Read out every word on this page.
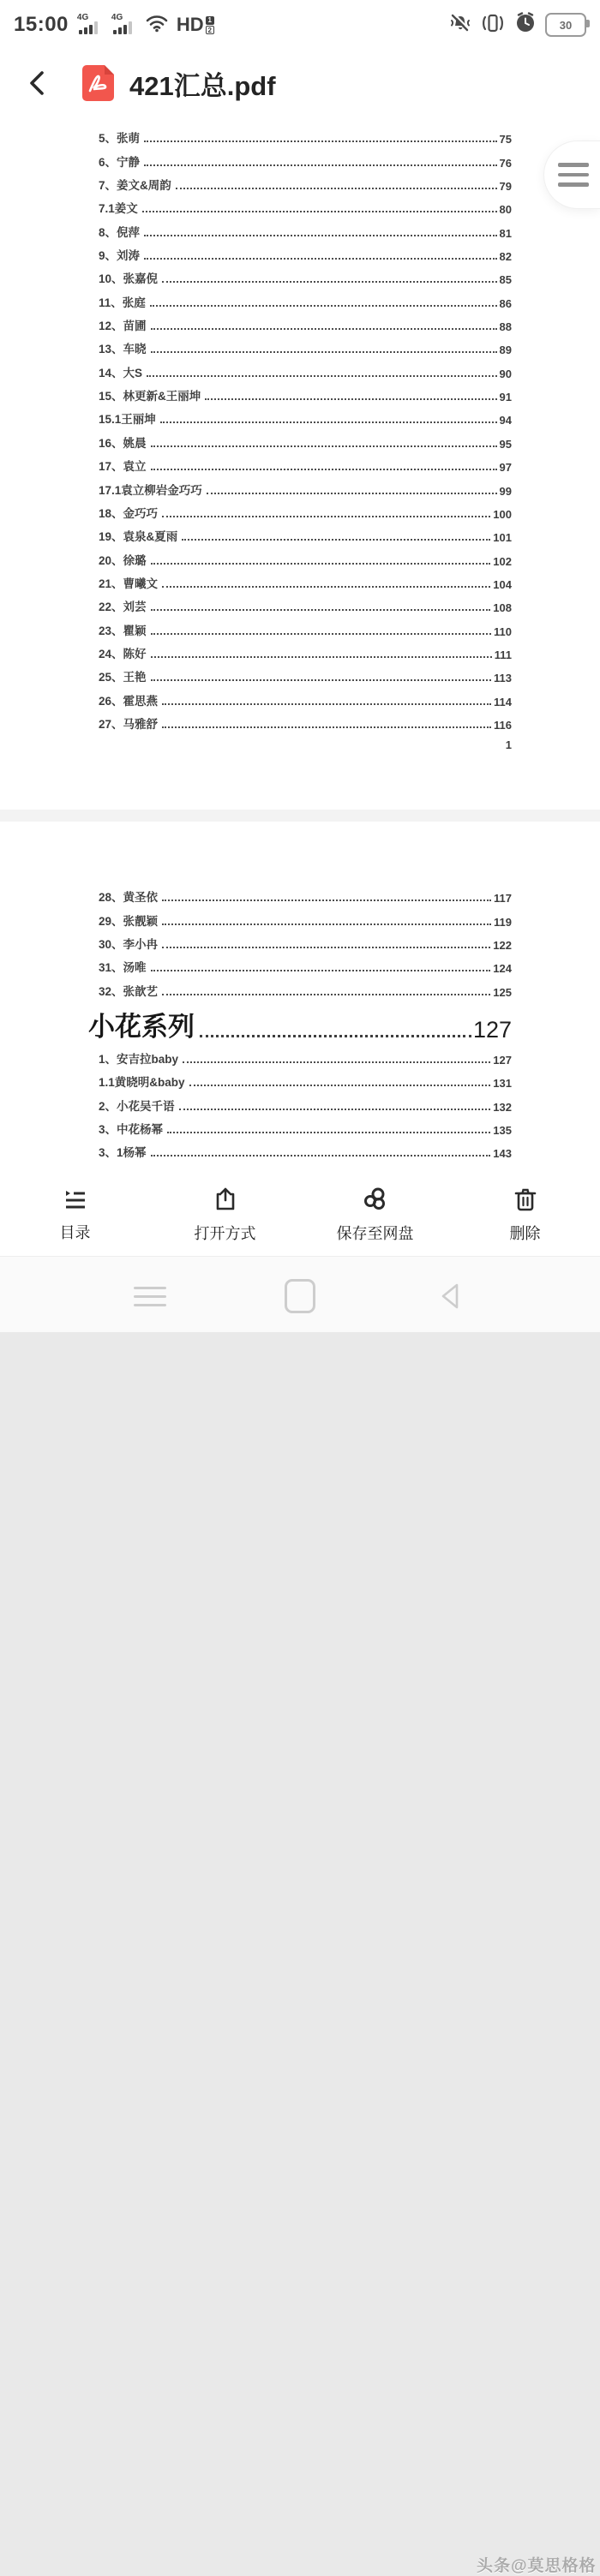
15:00 4G	4G	HD 1
2	30
421汇总.pdf
5、张萌	75
6、宁静	76
7、姜文&周韵	79
7.1姜文	80
8、倪萍	81
9、刘涛	82
10、张嘉倪	85
11、张庭	86
12、苗圃	88
13、车晓	89
14、大S	90
15、林更新&王丽坤	91
15.1王丽坤	94
16、姚晨	95
17、袁立	97
17.1袁立柳岩金巧巧	99
18、金巧巧	100
19、袁泉&夏雨	101
20、徐璐	102
21、曹曦文	104
22、刘芸	108
23、瞿颖	110
24、陈好	111
25、王艳	113
26、霍思燕	114
27、马雅舒	116
1
28、黄圣依	117
29、张靓颖	119
30、李小冉	122
31、汤唯	124
32、张歆艺	125
小花系列	127
1、安吉拉baby	127
1.1黄晓明&baby	131
2、小花吴千语	132
3、中花杨幂	135
3、1杨幂	143
目录	打开方式	保存至网盘	删除
头条@莫思格格
